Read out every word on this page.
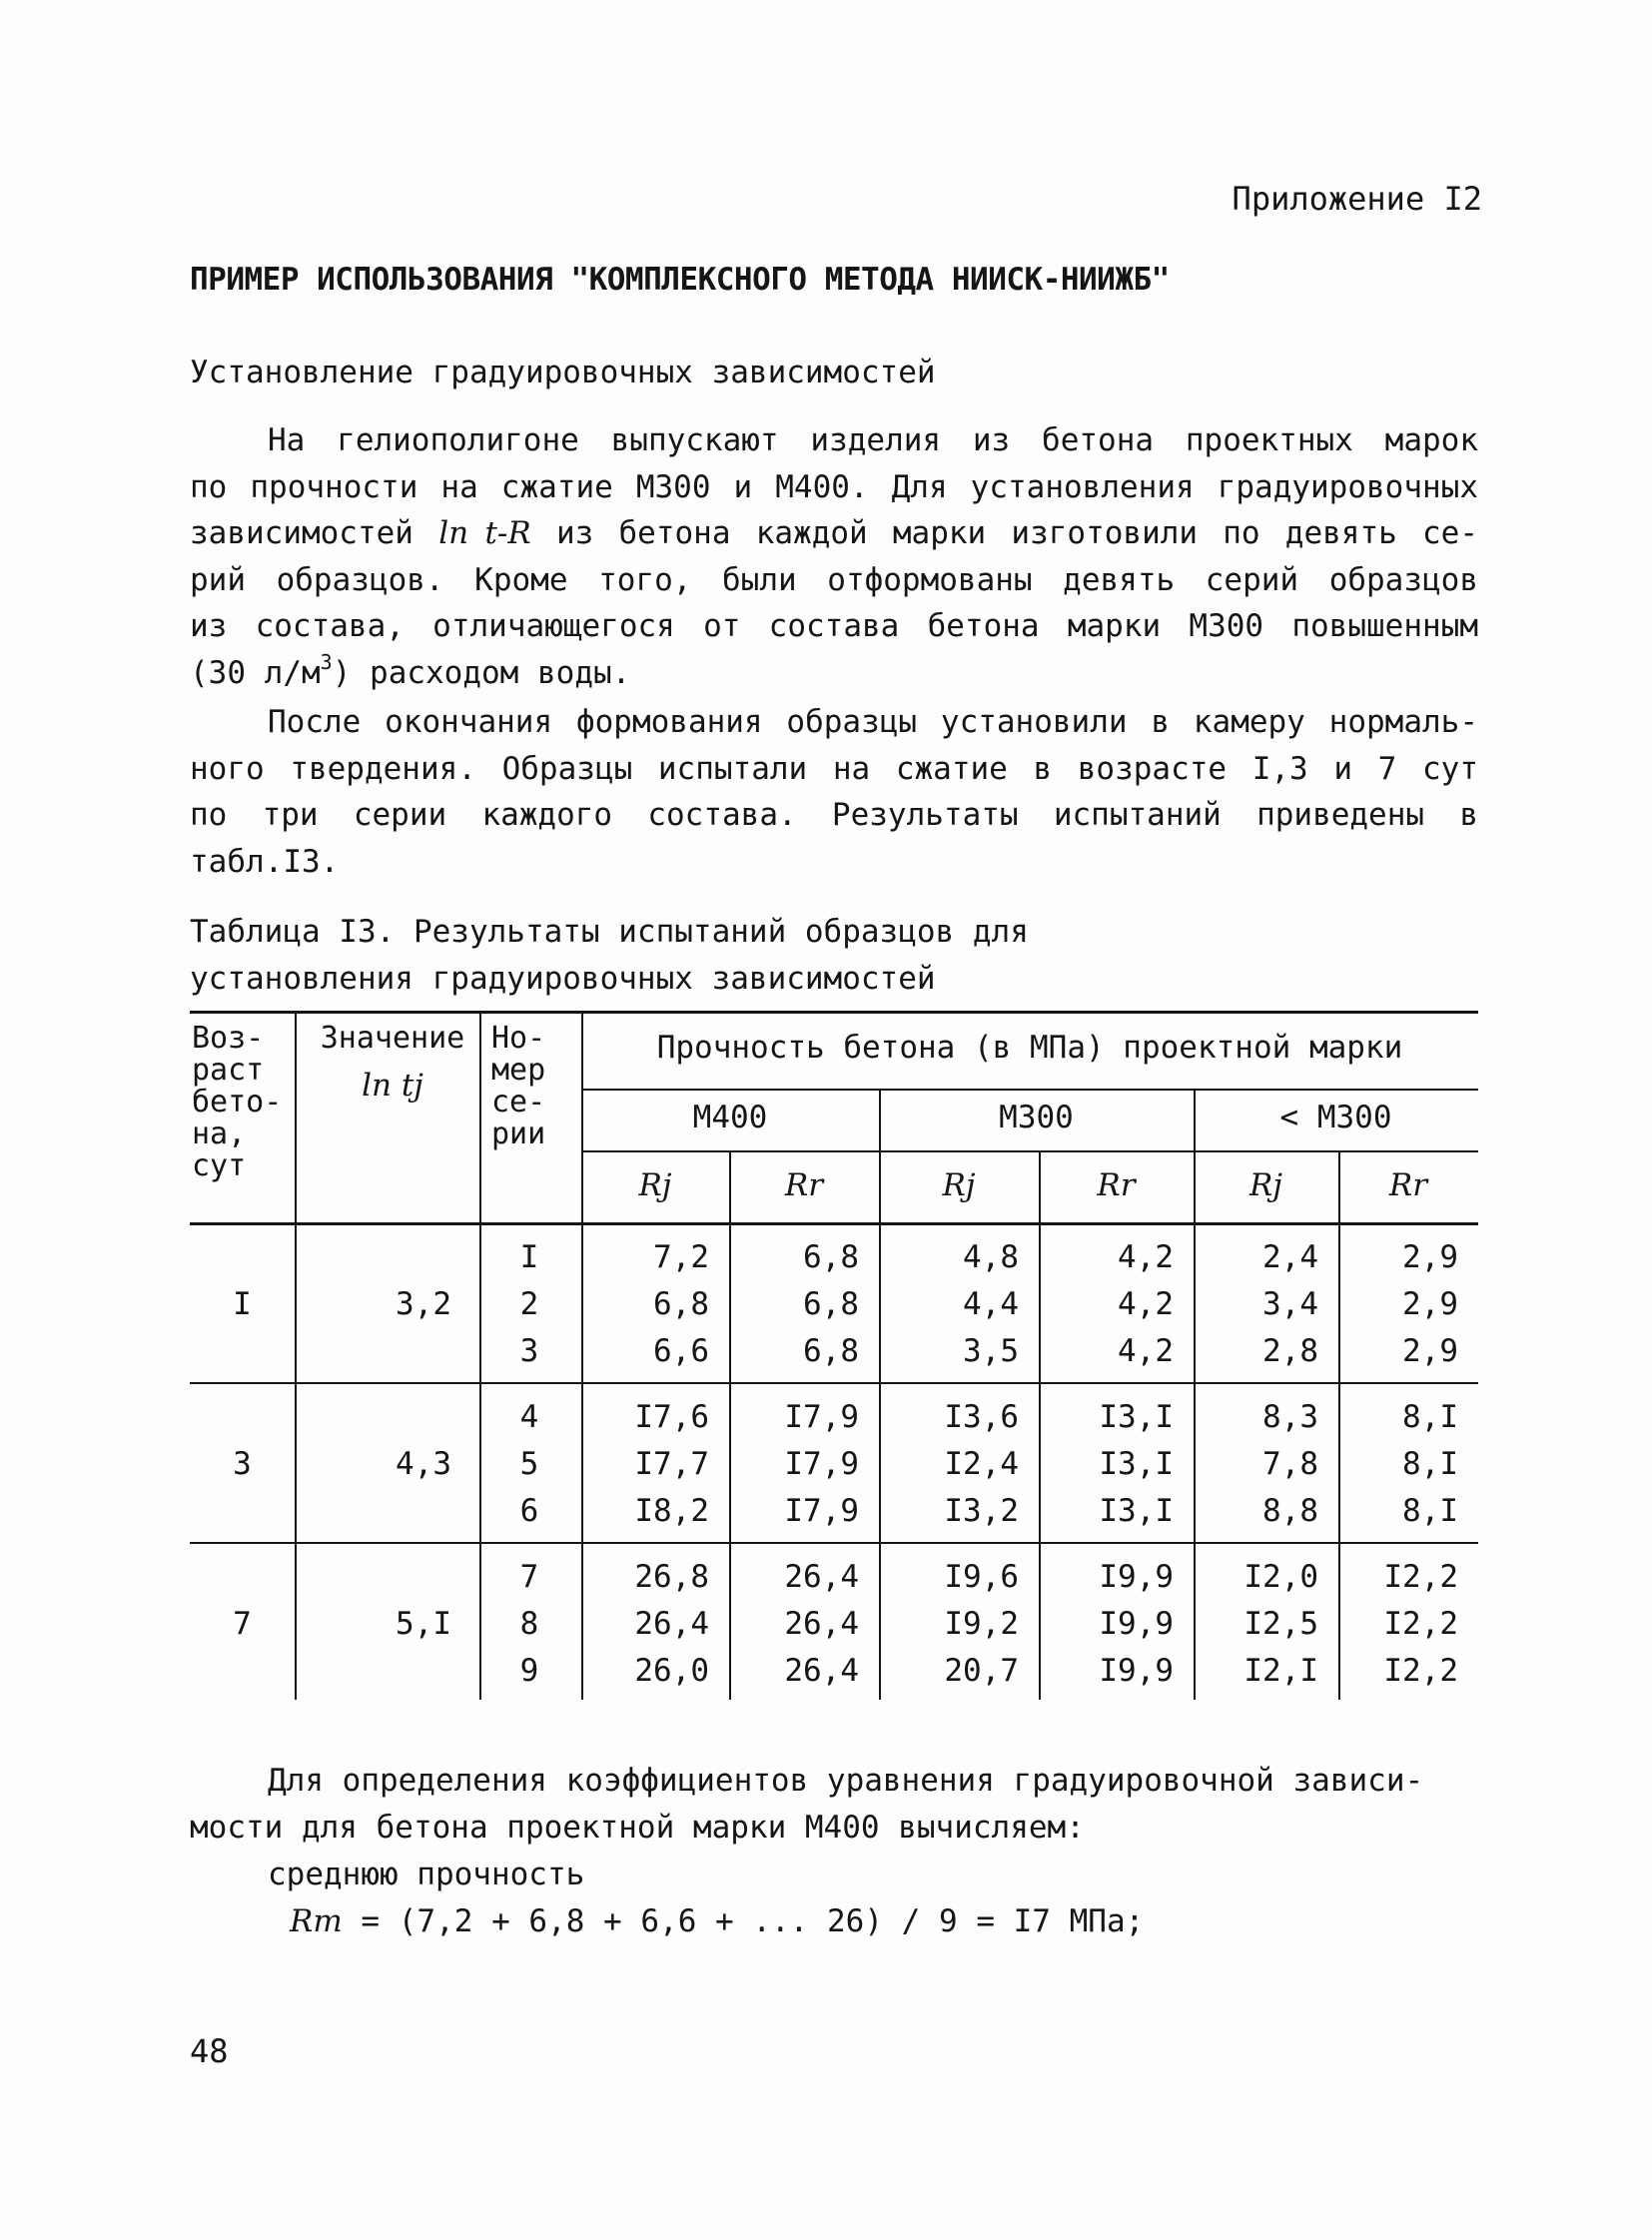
Приложение I2
ПРИМЕР ИСПОЛЬЗОВАНИЯ "КОМПЛЕКСНОГО МЕТОДА НИИСК-НИИЖБ"
Установление градуировочных зависимостей
На гелиополигоне выпускают изделия из бетона проектных марок
по прочности на сжатие М300 и М400. Для установления градуировочных
зависимостей ln t-R из бетона каждой марки изготовили по девять се-
рий образцов. Кроме того, были отформованы девять серий образцов
из состава, отличающегося от состава бетона марки М300 повышенным
(30 $л/м^3$) расходом воды.
После окончания формования образцы установили в камеру нормаль-
ного твердения. Образцы испытали на сжатие в возрасте I,3 и 7 сут
по три серии каждого состава. Результаты испытаний приведены в
табл.I3.
Таблица I3. Результаты испытаний образцов для
установления градуировочных зависимостей
Воз-
раст
бето-
на,
сут
Значение
ln tj
Но-
мер
се-
рии
Прочность бетона (в МПа) проектной марки
М400	М300	< М300
Rj	Rr	Rj	Rr	Rj	Rr
I	3,2
I	7,2	6,8	4,8	4,2	2,4	2,9
2	6,8	6,8	4,4	4,2	3,4	2,9
3	6,6	6,8	3,5	4,2	2,8	2,9
3	4,3
4	I7,6	I7,9	I3,6	I3,I	8,3	8,I
5	I7,7	I7,9	I2,4	I3,I	7,8	8,I
6	I8,2	I7,9	I3,2	I3,I	8,8	8,I
7	5,I
7	26,8	26,4	I9,6	I9,9	I2,0	I2,2
8	26,4	26,4	I9,2	I9,9	I2,5	I2,2
9	26,0	26,4	20,7	I9,9	I2,I	I2,2
Для определения коэффициентов уравнения градуировочной зависи-
мости для бетона проектной марки М400 вычисляем:
среднюю прочность
Rm = (7,2 + 6,8 + 6,6 + ... 26) / 9 = I7 МПа;
48
